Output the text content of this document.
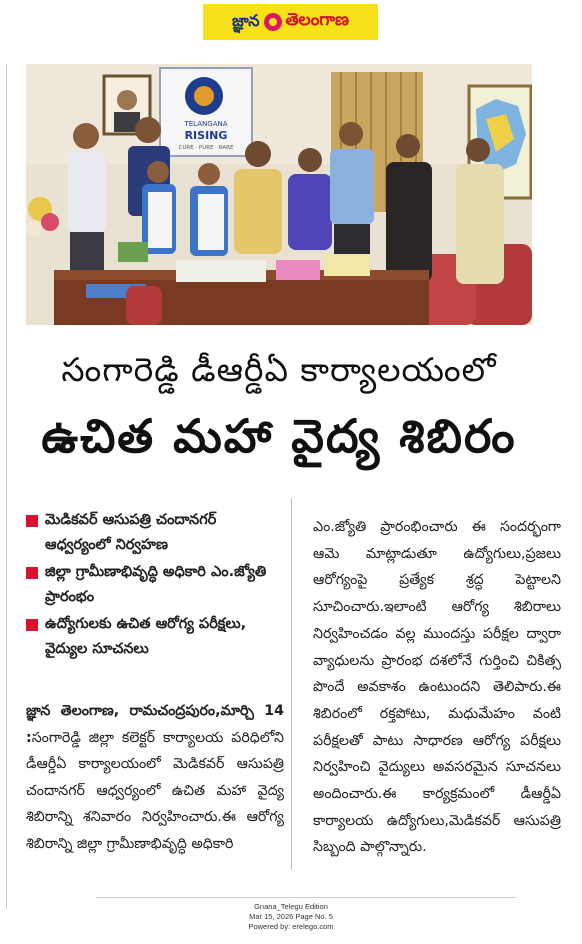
జ్ఞాన తెలంగాణ
TELANGANA
RISING
CURE · PURE · RARE
సంగారెడ్డి డీఆర్డీఏ కార్యాలయంలో
ఉచిత మహా వైద్య శిబిరం
మెడికవర్ ఆసుపత్రి చందానగర్ ఆధ్వర్యంలో నిర్వహణ
జిల్లా గ్రామీణాభివృద్ధి అధికారి ఎం.జ్యోతి ప్రారంభం
ఉద్యోగులకు ఉచిత ఆరోగ్య పరీక్షలు, వైద్యుల సూచనలు
జ్ఞాన తెలంగాణ, రామచంద్రపురం,మార్చి 14 :సంగారెడ్డి జిల్లా కలెక్టర్ కార్యాలయ పరిధిలోని డీఆర్డీఏ కార్యాలయంలో మెడికవర్ ఆసుపత్రి చందానగర్ ఆధ్వర్యంలో ఉచిత మహా వైద్య శిబిరాన్ని శనివారం నిర్వహించారు.ఈ ఆరోగ్య శిబిరాన్ని జిల్లా గ్రామీణాభివృద్ధి అధికారి
ఎం.జ్యోతి ప్రారంభించారు ఈ సందర్భంగా ఆమె మాట్లాడుతూ ఉద్యోగులు,ప్రజలు ఆరోగ్యంపై ప్రత్యేక శ్రద్ధ పెట్టాలని సూచించారు.ఇలాంటి ఆరోగ్య శిబిరాలు నిర్వహించడం వల్ల ముందస్తు పరీక్షల ద్వారా వ్యాధులను ప్రారంభ దశలోనే గుర్తించి చికిత్స పొందే అవకాశం ఉంటుందని తెలిపారు.ఈ శిబిరంలో రక్తపోటు, మధుమేహం వంటి పరీక్షలతో పాటు సాధారణ ఆరోగ్య పరీక్షలు నిర్వహించి వైద్యులు అవసరమైన సూచనలు అందించారు.ఈ కార్యక్రమంలో డీఆర్డీఏ కార్యాలయ ఉద్యోగులు,మెడికవర్ ఆసుపత్రి సిబ్బంది పాల్గొన్నారు.
Gnana_Telegu Edition
Mar 15, 2026 Page No. 5
Powered by: erelego.com
